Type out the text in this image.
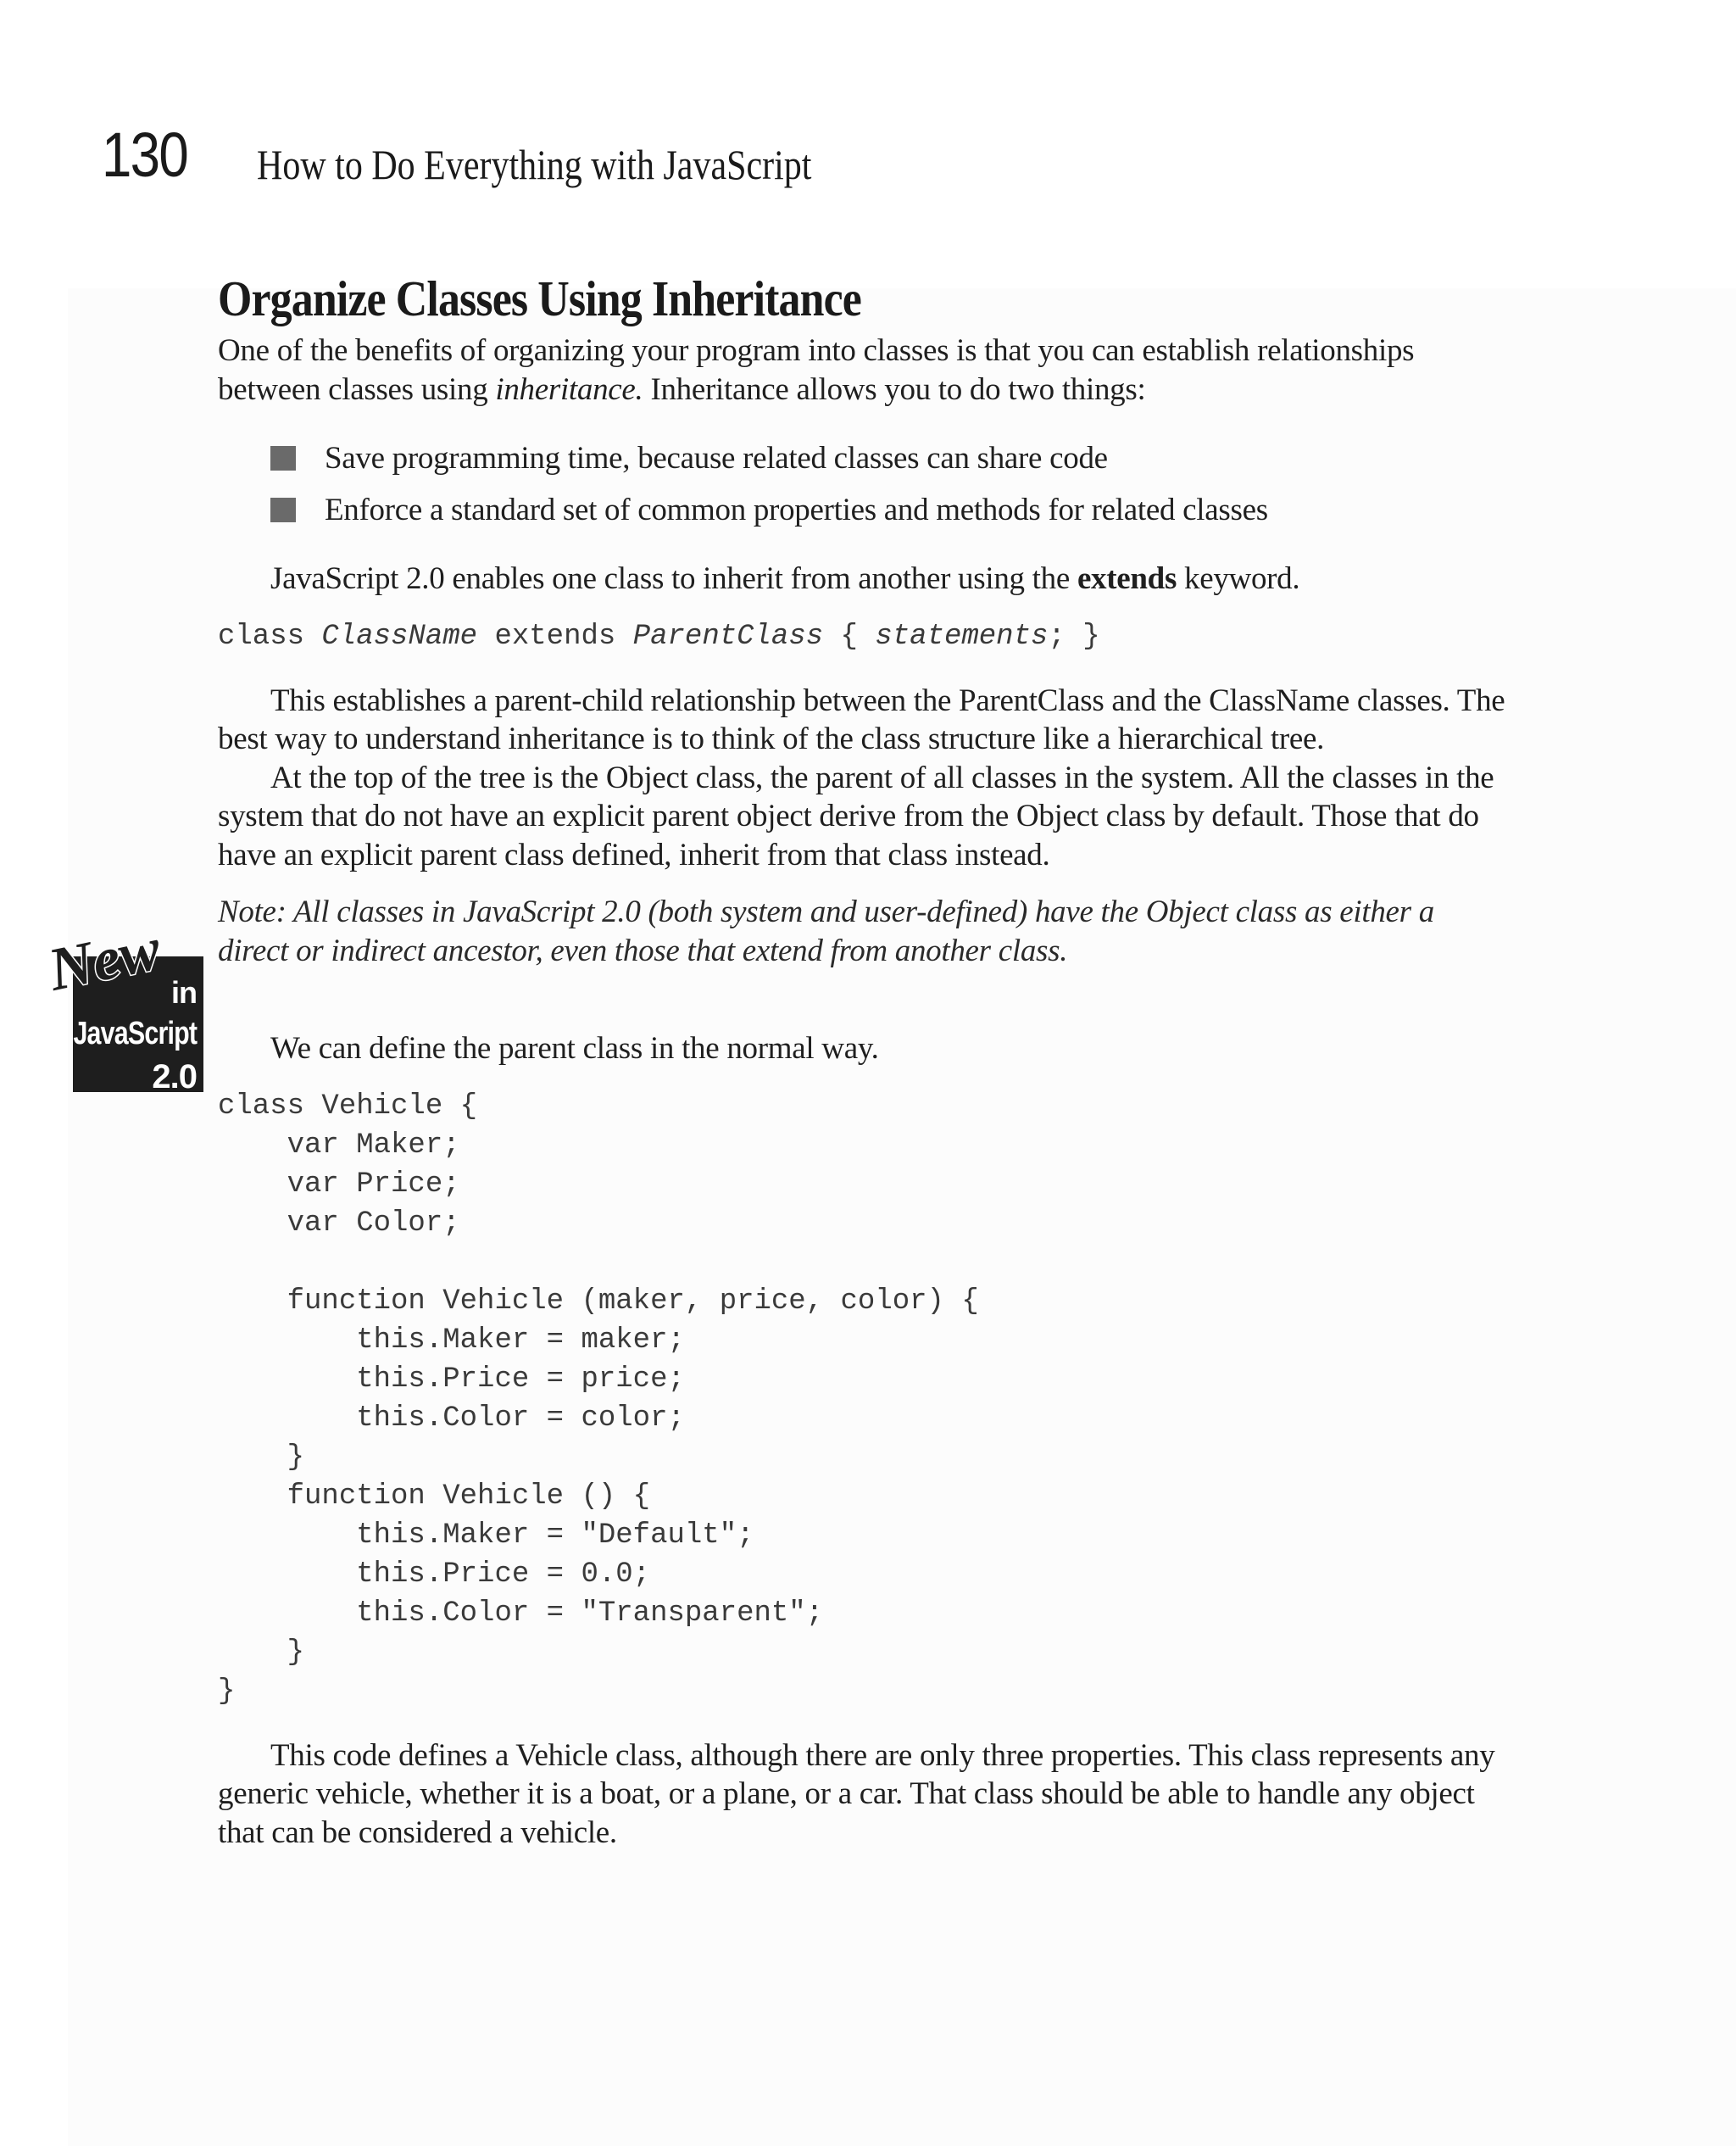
130 How to Do Everything with JavaScript
in
JavaScript
2.0
New
Organize Classes Using Inheritance

One of the benefits of organizing your program into classes is that you can establish relationships between classes using inheritance. Inheritance allows you to do two things:

Save programming time, because related classes can share code
Enforce a standard set of common properties and methods for related classes

JavaScript 2.0 enables one class to inherit from another using the extends keyword.

class ClassName extends ParentClass { statements; }

This establishes a parent-child relationship between the ParentClass and the ClassName classes. The best way to understand inheritance is to think of the class structure like a hierarchical tree.

At the top of the tree is the Object class, the parent of all classes in the system. All the classes in the system that do not have an explicit parent object derive from the Object class by default. Those that do have an explicit parent class defined, inherit from that class instead.

Note: All classes in JavaScript 2.0 (both system and user-defined) have the Object class as either a direct or indirect ancestor, even those that extend from another class.

We can define the parent class in the normal way.

class Vehicle {
var Maker;
var Price;
var Color;

function Vehicle (maker, price, color) {
this.Maker = maker;
this.Price = price;
this.Color = color;
}
function Vehicle () {
this.Maker = "Default";
this.Price = 0.0;
this.Color = "Transparent";
}
}

This code defines a Vehicle class, although there are only three properties. This class represents any generic vehicle, whether it is a boat, or a plane, or a car. That class should be able to handle any object that can be considered a vehicle.
